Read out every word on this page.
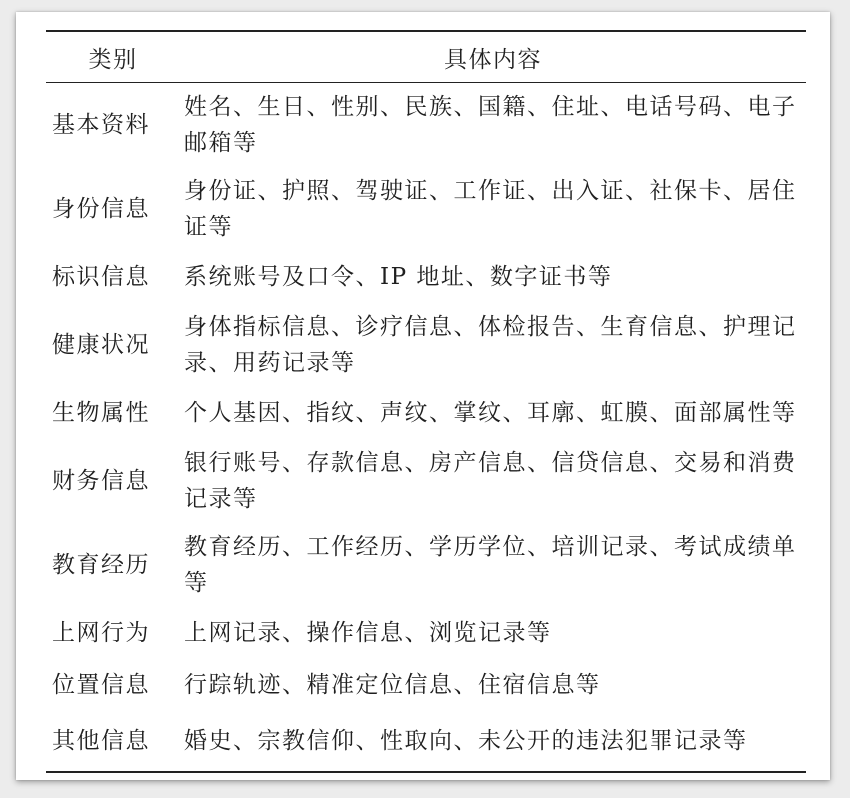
类别	具体内容
基本资料	姓名、生日、性别、民族、国籍、住址、电话号码、电子邮箱等
身份信息	身份证、护照、驾驶证、工作证、出入证、社保卡、居住证等
标识信息	系统账号及口令、IP 地址、数字证书等
健康状况	身体指标信息、诊疗信息、体检报告、生育信息、护理记录、用药记录等
生物属性	个人基因、指纹、声纹、掌纹、耳廓、虹膜、面部属性等
财务信息	银行账号、存款信息、房产信息、信贷信息、交易和消费记录等
教育经历	教育经历、工作经历、学历学位、培训记录、考试成绩单等
上网行为	上网记录、操作信息、浏览记录等
位置信息	行踪轨迹、精准定位信息、住宿信息等
其他信息	婚史、宗教信仰、性取向、未公开的违法犯罪记录等
